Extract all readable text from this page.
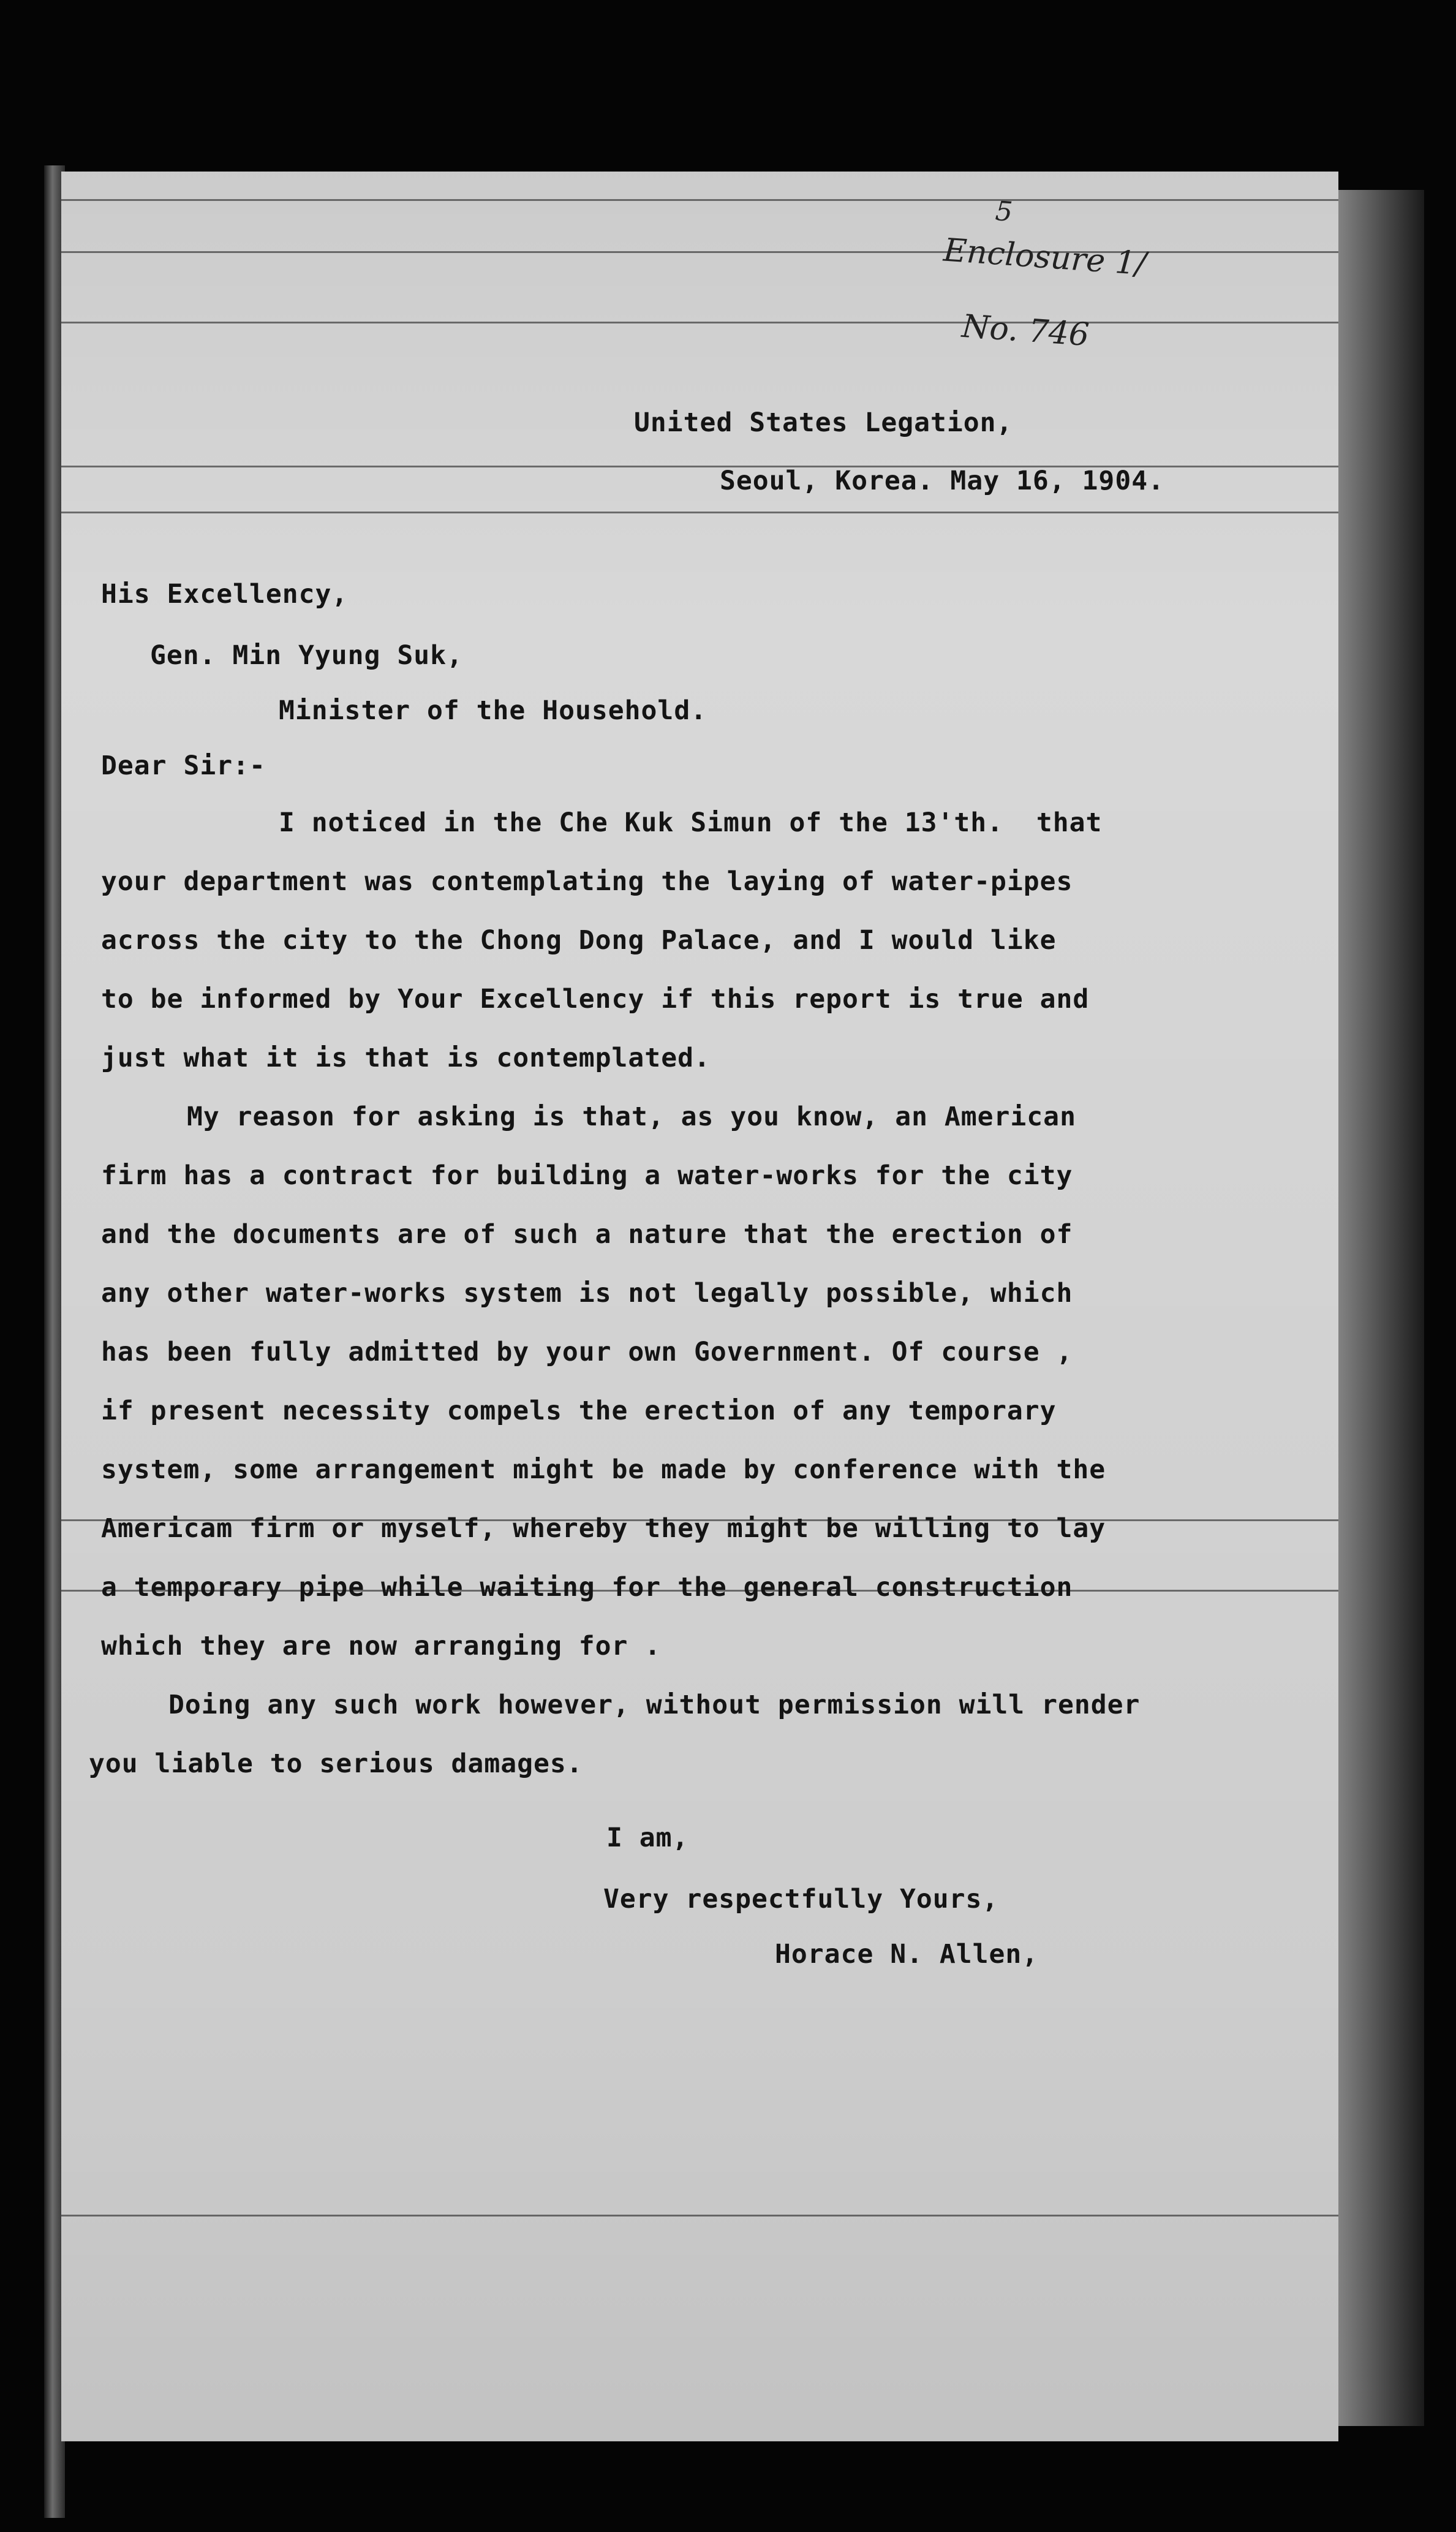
5
Enclosure 1/
No. 746
United States Legation,
Seoul, Korea. May 16, 1904.
His Excellency,
Gen. Min Yyung Suk,
Minister of the Household.
Dear Sir:-
I noticed in the Che Kuk Simun of the 13'th.  that
your department was contemplating the laying of water-pipes
across the city to the Chong Dong Palace, and I would like
to be informed by Your Excellency if this report is true and
just what it is that is contemplated.
My reason for asking is that, as you know, an American
firm has a contract for building a water-works for the city
and the documents are of such a nature that the erection of
any other water-works system is not legally possible, which
has been fully admitted by your own Government. Of course ,
if present necessity compels the erection of any temporary
system, some arrangement might be made by conference with the
Americam firm or myself, whereby they might be willing to lay
a temporary pipe while waiting for the general construction
which they are now arranging for .
Doing any such work however, without permission will render
you liable to serious damages.
I am,
Very respectfully Yours,
Horace N. Allen,
